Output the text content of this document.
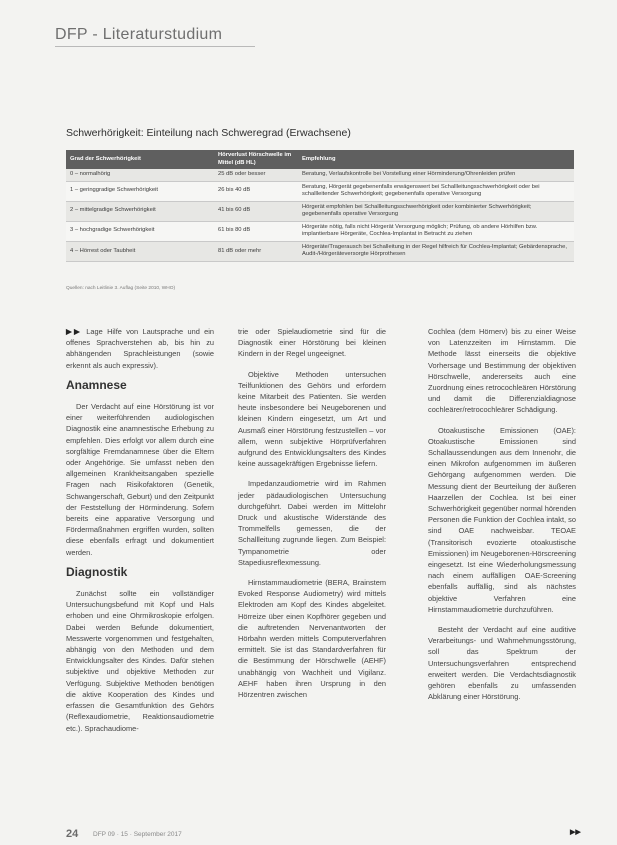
DFP - Literaturstudium
Schwerhörigkeit: Einteilung nach Schweregrad (Erwachsene)
Grad der Schwerhörigkeit	Hörverlust Hörschwelle im Mittel (dB HL)	Empfehlung
0 – normalhörig	25 dB oder besser	Beratung, Verlaufskontrolle bei Vorstellung einer Hörminderung/Ohrenleiden prüfen
1 – geringgradige Schwerhörigkeit	26 bis 40 dB	Beratung, Hörgerät gegebenenfalls erwägenswert bei Schallleitungsschwerhörigkeit oder bei schallleitender Schwerhörigkeit; gegebenenfalls operative Versorgung
2 – mittelgradige Schwerhörigkeit	41 bis 60 dB	Hörgerät empfohlen bei Schallleitungsschwerhörigkeit oder kombinierter Schwerhörigkeit; gegebenenfalls operative Versorgung
3 – hochgradige Schwerhörigkeit	61 bis 80 dB	Hörgeräte nötig, falls nicht Hörgerät Versorgung möglich; Prüfung, ob andere Hörhilfen bzw. implantierbare Hörgeräte, Cochlea-Implantat in Betracht zu ziehen
4 – Hörrest oder Taubheit	81 dB oder mehr	Hörgeräte/Tragerausch bei Schalleitung in der Regel hilfreich für Cochlea-Implantat; Gebärdensprache, Audit-/Hörgeräteversorgte Hörprothesen
Quellen: nach Leitlinie 3. Auflag (Seite 2010, WHO)

▶▶ Lage Hilfe von Lautsprache und ein offenes Sprachverstehen ab, bis hin zu abhängenden Sprachleistungen (sowie erkennt als auch expressiv).

Anamnese

Der Verdacht auf eine Hörstörung ist vor einer weiterführenden audiologischen Diagnostik eine anamnestische Erhebung zu empfehlen. Dies erfolgt vor allem durch eine sorgfältige Fremdanamnese über die Eltern oder Angehörige. Sie umfasst neben den allgemeinen Krankheitsangaben spezielle Fragen nach Risikofaktoren (Genetik, Schwangerschaft, Geburt) und den Zeitpunkt der Feststellung der Hörminderung. Sofern bereits eine apparative Versorgung und Fördermaßnahmen ergriffen wurden, sollten diese ebenfalls erfragt und dokumentiert werden.

Diagnostik

Zunächst sollte ein vollständiger Untersuchungsbefund mit Kopf und Hals erhoben und eine Ohrmikroskopie erfolgen. Dabei werden Befunde dokumentiert, Messwerte vorgenommen und festgehalten, abhängig von den Methoden und dem Entwicklungsalter des Kindes. Dafür stehen subjektive und objektive Methoden zur Verfügung. Subjektive Methoden benötigen die aktive Kooperation des Kindes und erfassen die Gesamtfunktion des Gehörs (Reflexaudiometrie, Reaktionsaudiometrie etc.). Sprachaudiome-

trie oder Spielaudiometrie sind für die Diagnostik einer Hörstörung bei kleinen Kindern in der Regel ungeeignet.

Objektive Methoden untersuchen Teilfunktionen des Gehörs und erfordern keine Mitarbeit des Patienten. Sie werden heute insbesondere bei Neugeborenen und kleinen Kindern eingesetzt, um Art und Ausmaß einer Hörstörung festzustellen – vor allem, wenn subjektive Hörprüfverfahren aufgrund des Entwicklungsalters des Kindes keine aussagekräftigen Ergebnisse liefern.

Impedanzaudiometrie wird im Rahmen jeder pädaudiologischen Untersuchung durchgeführt. Dabei werden im Mittelohr Druck und akustische Widerstände des Trommelfells gemessen, die der Schallleitung zugrunde liegen. Zum Beispiel: Tympanometrie oder Stapediusreflexmessung.

Hirnstammaudiometrie (BERA, Brainstem Evoked Response Audiometry) wird mittels Elektroden am Kopf des Kindes abgeleitet. Hörreize über einen Kopfhörer gegeben und die auftretenden Nervenantworten der Hörbahn werden mittels Computerverfahren ermittelt. Sie ist das Standardverfahren für die Bestimmung der Hörschwelle (AEHF) unabhängig von Wachheit und Vigilanz. AEHF haben ihren Ursprung in den Hörzentren zwischen

Cochlea (dem Hörnerv) bis zu einer Weise von Latenzzeiten im Hirnstamm. Die Methode lässt einerseits die objektive Vorhersage und Bestimmung der objektiven Hörschwelle, andererseits auch eine Zuordnung eines retrocochleären Hörstörung und damit die Differenzialdiagnose cochleärer/retrocochleärer Schädigung.

Otoakustische Emissionen (OAE): Otoakustische Emissionen sind Schallaussendungen aus dem Innenohr, die einen Mikrofon aufgenommen im äußeren Gehörgang aufgenommen werden. Die Messung dient der Beurteilung der äußeren Haarzellen der Cochlea. Ist bei einer Schwerhörigkeit gegenüber normal hörenden Personen die Funktion der Cochlea intakt, so sind OAE nachweisbar. TEOAE (Transitorisch evozierte otoakustische Emissionen) im Neugeborenen-Hörscreening eingesetzt. Ist eine Wiederholungsmessung nach einem auffälligen OAE-Screening ebenfalls auffällig, sind als nächstes objektive Verfahren eine Hirnstammaudiometrie durchzuführen.

Besteht der Verdacht auf eine auditive Verarbeitungs- und Wahrnehmungsstörung, soll das Spektrum der Untersuchungsverfahren entsprechend erweitert werden. Die Verdachtsdiagnostik gehören ebenfalls zu umfassenden Abklärung einer Hörstörung.

▶▶
24 DFP 09 · 15 · September 2017
